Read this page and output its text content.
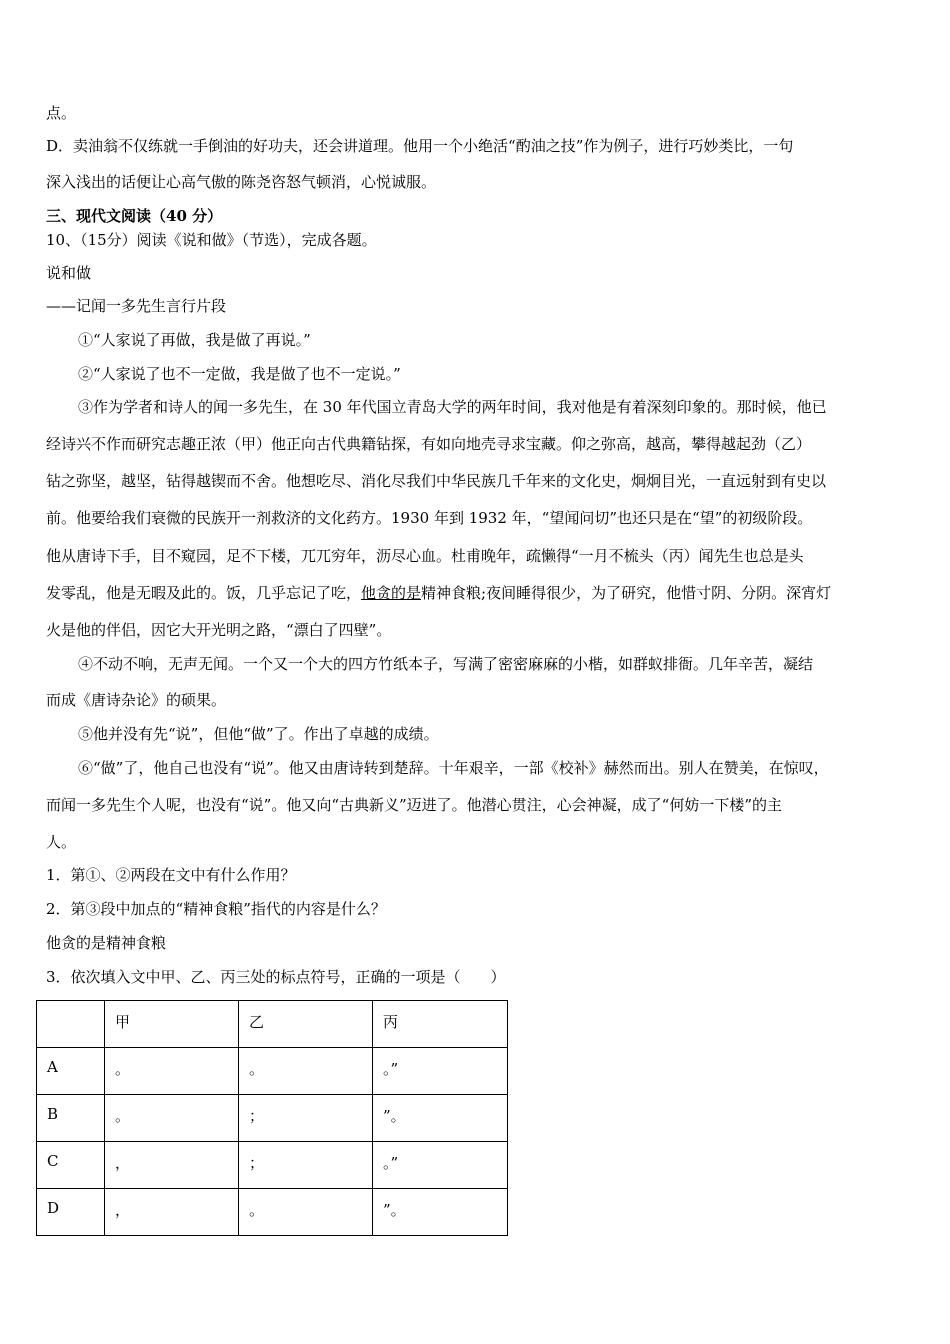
点。
D．卖油翁不仅练就一手倒油的好功夫，还会讲道理。他用一个小绝活“酌油之技”作为例子，进行巧妙类比，一句
深入浅出的话便让心高气傲的陈尧咨怒气顿消，心悦诚服。
三、现代文阅读（40 分）
10、（15分）阅读《说和做》（节选），完成各题。
说和做
——记闻一多先生言行片段
①“人家说了再做，我是做了再说。”
②“人家说了也不一定做，我是做了也不一定说。”
③作为学者和诗人的闻一多先生，在 30 年代国立青岛大学的两年时间，我对他是有着深刻印象的。那时候，他已
经诗兴不作而研究志趣正浓（甲）他正向古代典籍钻探，有如向地壳寻求宝藏。仰之弥高，越高，攀得越起劲（乙）
钻之弥坚，越坚，钻得越锲而不舍。他想吃尽、消化尽我们中华民族几千年来的文化史，炯炯目光，一直远射到有史以
前。他要给我们衰微的民族开一剂救济的文化药方。1930 年到 1932 年，“望闻问切”也还只是在“望”的初级阶段。
他从唐诗下手，目不窥园，足不下楼，兀兀穷年，沥尽心血。杜甫晚年，疏懒得“一月不梳头（丙）闻先生也总是头
发零乱，他是无暇及此的。饭，几乎忘记了吃，他贪的是精神食粮;夜间睡得很少，为了研究，他惜寸阴、分阴。深宵灯
火是他的伴侣，因它大开光明之路，“漂白了四壁”。
④不动不响，无声无闻。一个又一个大的四方竹纸本子，写满了密密麻麻的小楷，如群蚁排衙。几年辛苦，凝结
而成《唐诗杂论》的硕果。
⑤他并没有先“说”，但他“做”了。作出了卓越的成绩。
⑥“做”了，他自己也没有“说”。他又由唐诗转到楚辞。十年艰辛，一部《校补》赫然而出。别人在赞美，在惊叹，
而闻一多先生个人呢，也没有“说”。他又向“古典新义”迈进了。他潜心贯注，心会神凝，成了“何妨一下楼”的主
人。
1．第①、②两段在文中有什么作用？
2．第③段中加点的“精神食粮”指代的内容是什么？
他贪的是精神食粮
3．依次填入文中甲、乙、丙三处的标点符号，正确的一项是（　　）
	甲	乙	丙
A	。	。	。”
B	。	；	”。
C	，	；	。”
D	，	。	”。
